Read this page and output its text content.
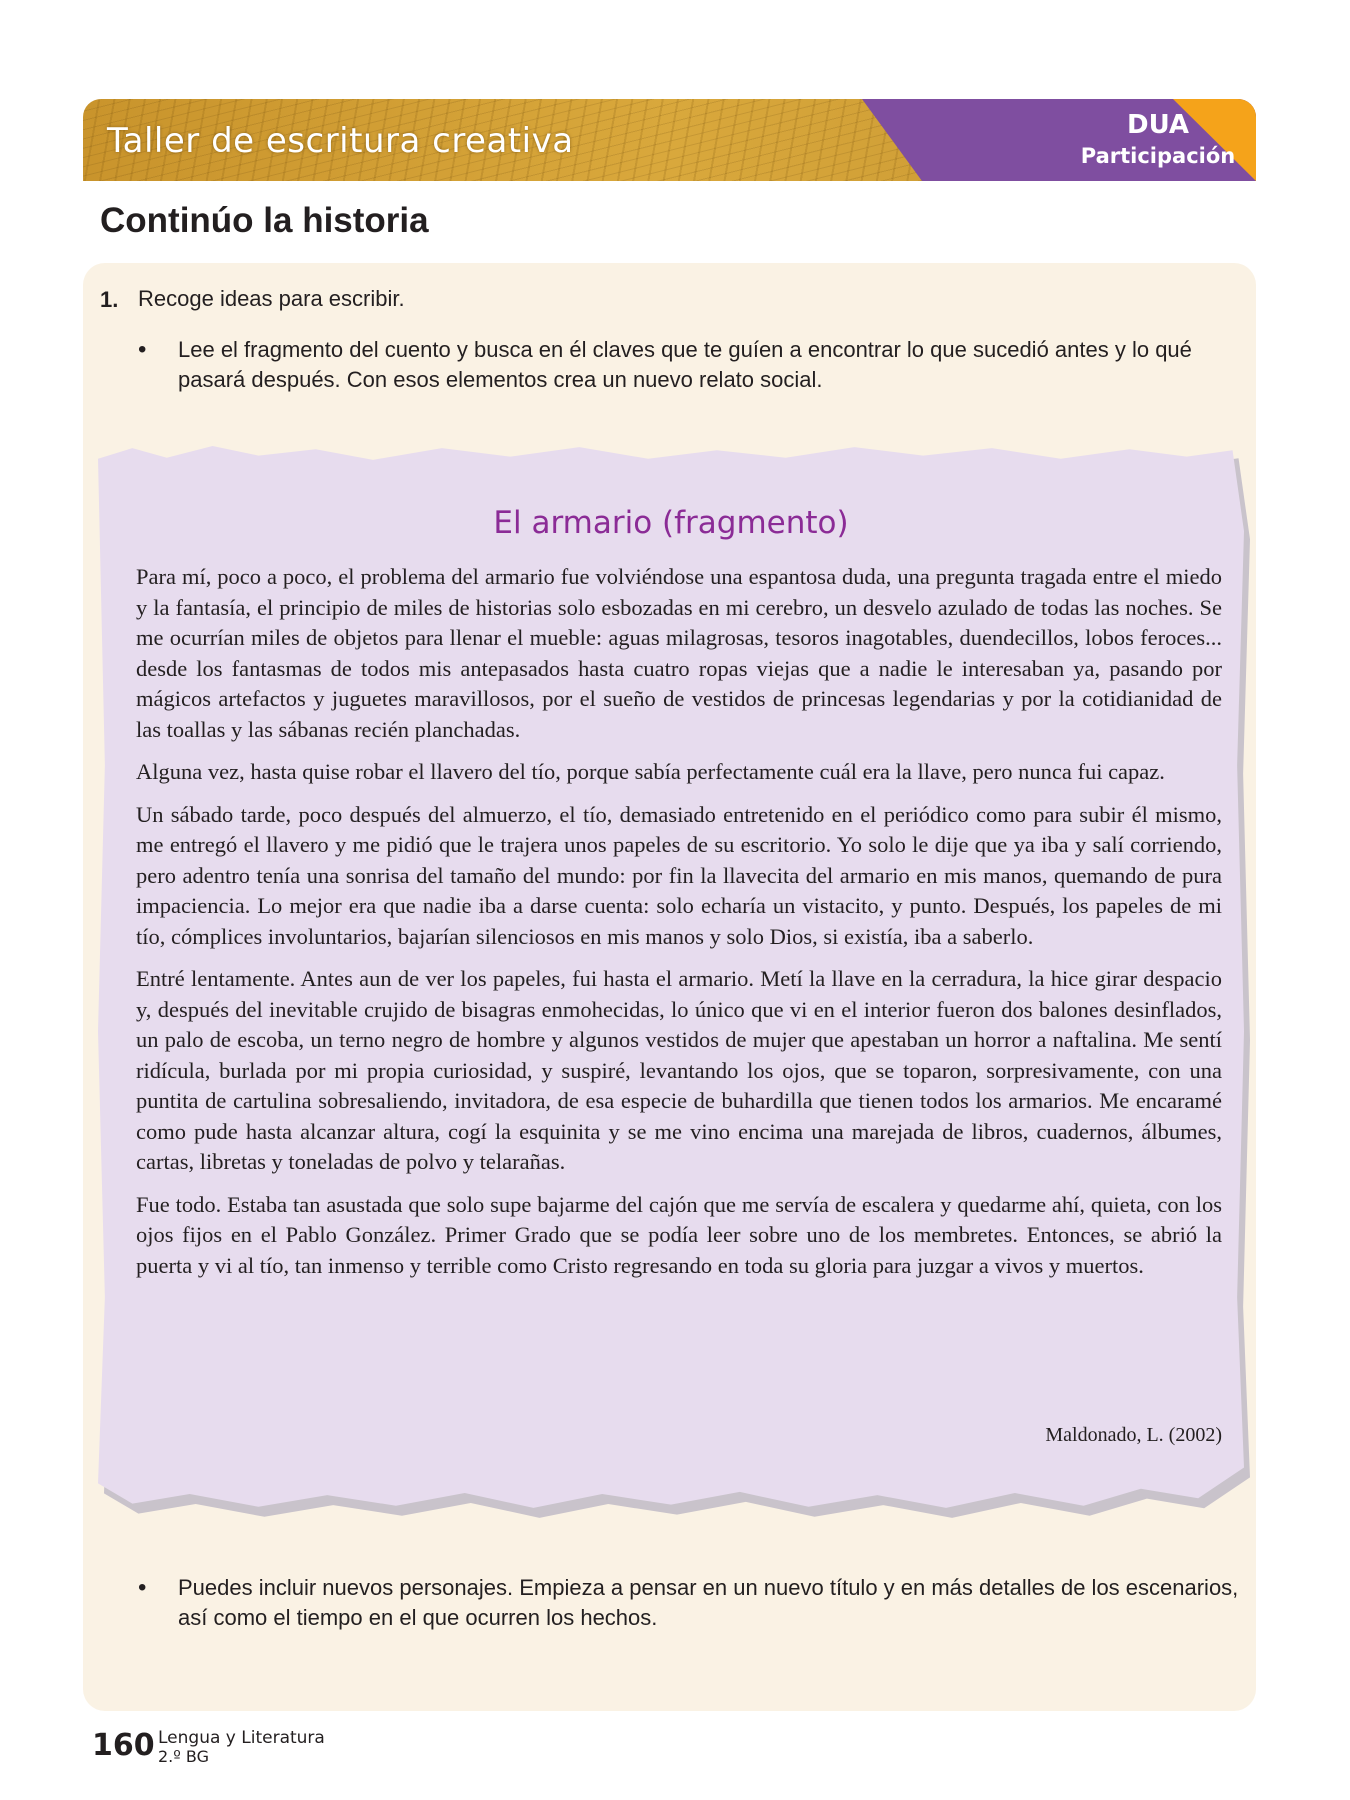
Taller de escritura creativa	DUA
Participación
Continúo la historia
1. Recoge ideas para escribir.
• Lee el fragmento del cuento y busca en él claves que te guíen a encontrar lo que sucedió antes y lo qué pasará después. Con esos elementos crea un nuevo relato social.
El armario (fragmento)

Para mí, poco a poco, el problema del armario fue volviéndose una espantosa duda, una pregunta tragada entre el miedo y la fantasía, el principio de miles de historias solo esbozadas en mi cerebro, un desvelo azulado de todas las noches. Se me ocurrían miles de objetos para llenar el mueble: aguas milagrosas, tesoros inagotables, duendecillos, lobos feroces... desde los fantasmas de todos mis antepasados hasta cuatro ropas viejas que a nadie le interesaban ya, pasando por mágicos artefactos y juguetes maravillosos, por el sueño de vestidos de princesas legendarias y por la cotidianidad de las toallas y las sábanas recién planchadas.

Alguna vez, hasta quise robar el llavero del tío, porque sabía perfectamente cuál era la llave, pero nunca fui capaz.

Un sábado tarde, poco después del almuerzo, el tío, demasiado entretenido en el periódico como para subir él mismo, me entregó el llavero y me pidió que le trajera unos papeles de su escritorio. Yo solo le dije que ya iba y salí corriendo, pero adentro tenía una sonrisa del tamaño del mundo: por fin la llavecita del armario en mis manos, quemando de pura impaciencia. Lo mejor era que nadie iba a darse cuenta: solo echaría un vistacito, y punto. Después, los papeles de mi tío, cómplices involuntarios, bajarían silenciosos en mis manos y solo Dios, si existía, iba a saberlo.

Entré lentamente. Antes aun de ver los papeles, fui hasta el armario. Metí la llave en la cerradura, la hice girar despacio y, después del inevitable crujido de bisagras enmohecidas, lo único que vi en el interior fueron dos balones desinflados, un palo de escoba, un terno negro de hombre y algunos vestidos de mujer que apestaban un horror a naftalina. Me sentí ridícula, burlada por mi propia curiosidad, y suspiré, levantando los ojos, que se toparon, sorpresivamente, con una puntita de cartulina sobresaliendo, invitadora, de esa especie de buhardilla que tienen todos los armarios. Me encaramé como pude hasta alcanzar altura, cogí la esquinita y se me vino encima una marejada de libros, cuadernos, álbumes, cartas, libretas y toneladas de polvo y telarañas.

Fue todo. Estaba tan asustada que solo supe bajarme del cajón que me servía de escalera y quedarme ahí, quieta, con los ojos fijos en el Pablo González. Primer Grado que se podía leer sobre uno de los membretes. Entonces, se abrió la puerta y vi al tío, tan inmenso y terrible como Cristo regresando en toda su gloria para juzgar a vivos y muertos.

Maldonado, L. (2002)
• Puedes incluir nuevos personajes. Empieza a pensar en un nuevo título y en más detalles de los escenarios, así como el tiempo en el que ocurren los hechos.
160 Lengua y Literatura
2.º BG
